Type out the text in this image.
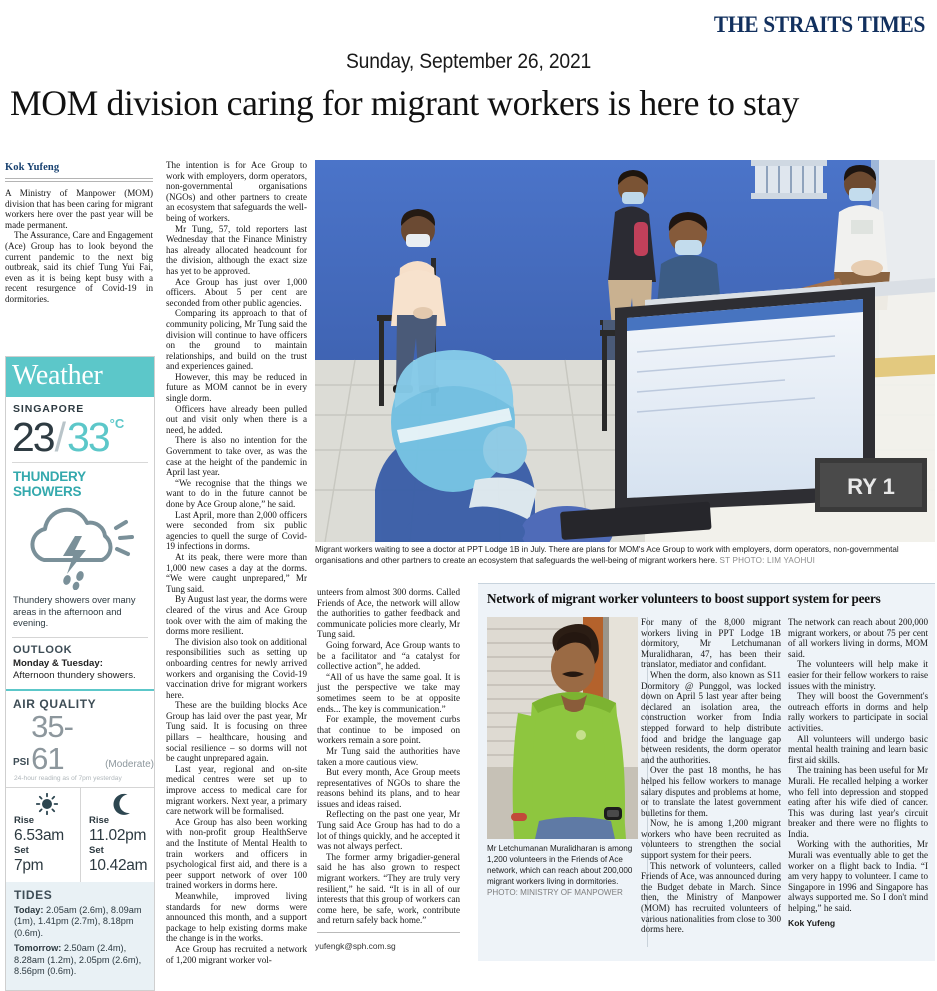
THE STRAITS TIMES
Sunday, September 26, 2021
MOM division caring for migrant workers is here to stay
Kok Yufeng

A Ministry of Manpower (MOM) division that has been caring for migrant workers here over the past year will be made permanent.

The Assurance, Care and Engagement (Ace) Group has to look beyond the current pandemic to the next big outbreak, said its chief Tung Yui Fai, even as it is being kept busy with a recent resurgence of Covid-19 in dormitories.

Weather
SINGAPORE
23 / 33 °C
THUNDERY SHOWERS
Thundery showers over many areas in the afternoon and evening.
OUTLOOK
Monday & Tuesday:
Afternoon thundery showers.
AIR QUALITY
PSI
35-61	(Moderate)
24-hour reading as of 7pm yesterday
Rise
6.53am
Set
7pm
Rise
11.02pm
Set
10.42am
TIDES

Today: 2.05am (2.6m), 8.09am (1m), 1.41pm (2.7m), 8.18pm (0.6m).

Tomorrow: 2.50am (2.4m), 8.28am (1.2m), 2.05pm (2.6m), 8.56pm (0.6m).

The intention is for Ace Group to work with employers, dorm operators, non-governmental organisations (NGOs) and other partners to create an ecosystem that safeguards the well-being of workers.

Mr Tung, 57, told reporters last Wednesday that the Finance Ministry has already allocated headcount for the division, although the exact size has yet to be approved.

Ace Group has just over 1,000 officers. About 5 per cent are seconded from other public agencies.

Comparing its approach to that of community policing, Mr Tung said the division will continue to have officers on the ground to maintain relationships, and build on the trust and experiences gained.

However, this may be reduced in future as MOM cannot be in every single dorm.

Officers have already been pulled out and visit only when there is a need, he added.

There is also no intention for the Government to take over, as was the case at the height of the pandemic in April last year.

“We recognise that the things we want to do in the future cannot be done by Ace Group alone,” he said.

Last April, more than 2,000 officers were seconded from six public agencies to quell the surge of Covid-19 infections in dorms.

At its peak, there were more than 1,000 new cases a day at the dorms. “We were caught unprepared,” Mr Tung said.

By August last year, the dorms were cleared of the virus and Ace Group took over with the aim of making the dorms more resilient.

The division also took on additional responsibilities such as setting up onboarding centres for newly arrived workers and organising the Covid-19 vaccination drive for migrant workers here.

These are the building blocks Ace Group has laid over the past year, Mr Tung said. It is focusing on three pillars – healthcare, housing and social resilience – so dorms will not be caught unprepared again.

Last year, regional and on-site medical centres were set up to improve access to medical care for migrant workers. Next year, a primary care network will be formalised.

Ace Group has also been working with non-profit group HealthServe and the Institute of Mental Health to train workers and officers in psychological first aid, and there is a peer support network of over 100 trained workers in dorms here.

Meanwhile, improved living standards for new dorms were announced this month, and a support package to help existing dorms make the change is in the works.

Ace Group has recruited a network of 1,200 migrant worker vol-

RY 1
Migrant workers waiting to see a doctor at PPT Lodge 1B in July. There are plans for MOM's Ace Group to work with employers, dorm operators, non-governmental organisations and other partners to create an ecosystem that safeguards the well-being of migrant workers here. ST PHOTO: LIM YAOHUI

unteers from almost 300 dorms. Called Friends of Ace, the network will allow the authorities to gather feedback and communicate policies more clearly, Mr Tung said.

Going forward, Ace Group wants to be a facilitator and “a catalyst for collective action”, he added.

“All of us have the same goal. It is just the perspective we take may sometimes seem to be at opposite ends... The key is communication.”

For example, the movement curbs that continue to be imposed on workers remain a sore point.

Mr Tung said the authorities have taken a more cautious view.

But every month, Ace Group meets representatives of NGOs to share the reasons behind its plans, and to hear issues and ideas raised.

Reflecting on the past one year, Mr Tung said Ace Group has had to do a lot of things quickly, and he accepted it was not always perfect.

The former army brigadier-general said he has also grown to respect migrant workers. “They are truly very resilient,” he said. “It is in all of our interests that this group of workers can come here, be safe, work, contribute and return safely back home.”

yufengk@sph.com.sg
Network of migrant worker volunteers to boost support system for peers
Mr Letchumanan Muralidharan is among 1,200 volunteers in the Friends of Ace network, which can reach about 200,000 migrant workers living in dormitories. PHOTO: MINISTRY OF MANPOWER

For many of the 8,000 migrant workers living in PPT Lodge 1B dormitory, Mr Letchumanan Muralidharan, 47, has been their translator, mediator and confidant.

When the dorm, also known as S11 Dormitory @ Punggol, was locked down on April 5 last year after being declared an isolation area, the construction worker from India stepped forward to help distribute food and bridge the language gap between residents, the dorm operator and the authorities.

Over the past 18 months, he has helped his fellow workers to manage salary disputes and problems at home, or to translate the latest government bulletins for them.

Now, he is among 1,200 migrant workers who have been recruited as volunteers to strengthen the social support system for their peers.

This network of volunteers, called Friends of Ace, was announced during the Budget debate in March. Since then, the Ministry of Manpower (MOM) has recruited volunteers of various nationalities from close to 300 dorms here.

The network can reach about 200,000 migrant workers, or about 75 per cent of all workers living in dorms, MOM said.

The volunteers will help make it easier for their fellow workers to raise issues with the ministry.

They will boost the Government's outreach efforts in dorms and help rally workers to participate in social activities.

All volunteers will undergo basic mental health training and learn basic first aid skills.

The training has been useful for Mr Murali. He recalled helping a worker who fell into depression and stopped eating after his wife died of cancer. This was during last year's circuit breaker and there were no flights to India.

Working with the authorities, Mr Murali was eventually able to get the worker on a flight back to India. “I am very happy to volunteer. I came to Singapore in 1996 and Singapore has always supported me. So I don't mind helping,” he said.

Kok Yufeng
